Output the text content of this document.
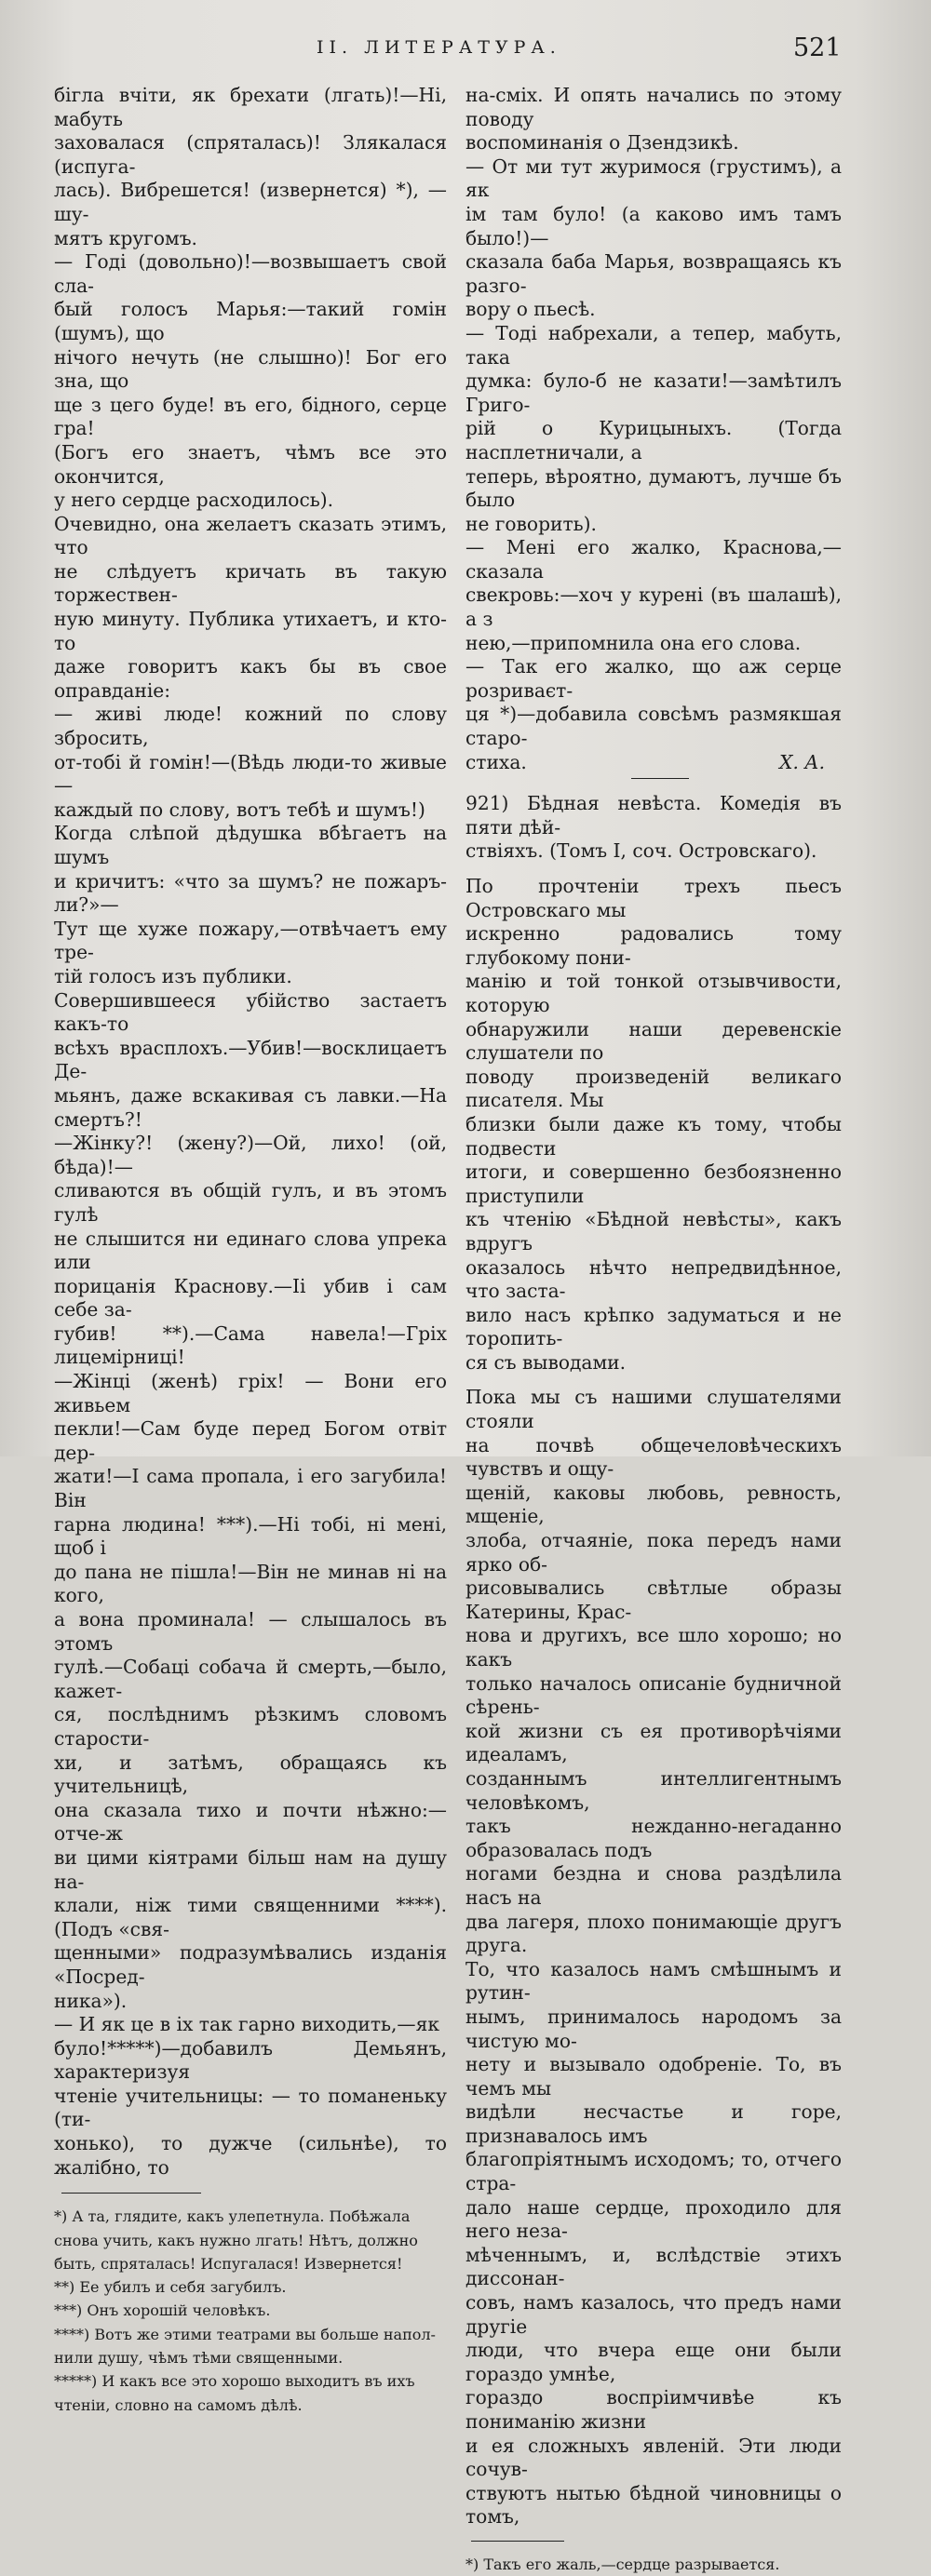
II. ЛИТЕРАТУРА.	521

бігла вчіти, як брехати (лгать)!—Ні, мабуть
заховалася (спряталась)! Злякалася (испуга-
лась). Вибрешется! (извернется) *), — шу-
мятъ кругомъ.

— Годі (довольно)!—возвышаетъ свой сла-
бый голосъ Марья:—такий гомін (шумъ), що
нічого нечуть (не слышно)! Бог его зна, що
ще з цего буде! въ его, бідного, серце гра!
(Богъ его знаетъ, чѣмъ все это окончится,
у него сердце расходилось).

Очевидно, она желаетъ сказать этимъ, что
не слѣдуетъ кричать въ такую торжествен-
ную минуту. Публика утихаетъ, и кто-то
даже говоритъ какъ бы въ свое оправданіе:
— живі люде! кожний по слову збросить,
от-тобі й гомін!—(Вѣдь люди-то живые—
каждый по слову, вотъ тебѣ и шумъ!)

Когда слѣпой дѣдушка вбѣгаетъ на шумъ
и кричитъ: «что за шумъ? не пожаръ-ли?»—
Тут ще хуже пожару,—отвѣчаетъ ему тре-
тій голосъ изъ публики.

Совершившееся убійство застаетъ какъ-то
всѣхъ врасплохъ.—Убив!—восклицаетъ Де-
мьянъ, даже вскакивая съ лавки.—На смертъ?!
—Жінку?! (жену?)—Ой, лихо! (ой, бѣда)!—
сливаются въ общій гулъ, и въ этомъ гулѣ
не слышится ни единаго слова упрека или
порицанія Краснову.—Іі убив і сам себе за-
губив! **).—Сама навела!—Гріх лицемірниці!
—Жінці (женѣ) гріх! — Вони его живьем
пекли!—Сам буде перед Богом отвіт дер-
жати!—І сама пропала, і его загубила! Він
гарна людина! ***).—Ні тобі, ні мені, щоб і
до пана не пішла!—Він не минав ні на кого,
а вона проминала! — слышалось въ этомъ
гулѣ.—Собаці собача й смерть,—было, кажет-
ся, послѣднимъ рѣзкимъ словомъ старости-
хи, и затѣмъ, обращаясь къ учительницѣ,
она сказала тихо и почти нѣжно:—отче-ж
ви цими кіятрами більш нам на душу на-
клали, ніж тими священними ****). (Подъ «свя-
щенными» подразумѣвались изданія «Посред-
ника»).

— И як це в іх так гарно виходить,—як
було!*****)—добавилъ Демьянъ, характеризуя
чтеніе учительницы: — то поманеньку (ти-
хонько), то дужче (сильнѣе), то жалібно, то

*) А та, глядите, какъ улепетнула. Побѣжала
снова учить, какъ нужно лгать! Нѣтъ, должно
быть, спряталась! Испугалася! Извернется!

**) Ее убилъ и себя загубилъ.

***) Онъ хорошій человѣкъ.

****) Вотъ же этими театрами вы больше напол-
нили душу, чѣмъ тѣми священными.

*****) И какъ все это хорошо выходитъ въ ихъ
чтеніи, словно на самомъ дѣлѣ.

на-сміх. И опять начались по этому поводу
воспоминанія о Дзендзикѣ.

— От ми тут журимося (грустимъ), а як
ім там було! (а каково имъ тамъ было!)—
сказала баба Марья, возвращаясь къ разго-
вору о пьесѣ.

— Тоді набрехали, а тепер, мабуть, така
думка: було-б не казати!—замѣтилъ Григо-
рій о Курицыныхъ. (Тогда насплетничали, а
теперь, вѣроятно, думаютъ, лучше бъ было
не говорить).

— Мені его жалко, Краснова,—сказала
свекровь:—хоч у курені (въ шалашѣ), а з
нею,—припомнила она его слова.

— Так его жалко, що аж серце розриваєт-
ця *)—добавила совсѣмъ размякшая старо-
стиха.	Х. А.

921) Бѣдная невѣста. Комедія въ пяти дѣй-
ствіяхъ. (Томъ I, соч. Островскаго).

По прочтеніи трехъ пьесъ Островскаго мы
искренно радовались тому глубокому пони-
манію и той тонкой отзывчивости, которую
обнаружили наши деревенскіе слушатели по
поводу произведеній великаго писателя. Мы
близки были даже къ тому, чтобы подвести
итоги, и совершенно безбоязненно приступили
къ чтенію «Бѣдной невѣсты», какъ вдругъ
оказалось нѣчто непредвидѣнное, что заста-
вило насъ крѣпко задуматься и не торопить-
ся съ выводами.

Пока мы съ нашими слушателями стояли
на почвѣ общечеловѣческихъ чувствъ и ощу-
щеній, каковы любовь, ревность, мщеніе,
злоба, отчаяніе, пока передъ нами ярко об-
рисовывались свѣтлые образы Катерины, Крас-
нова и другихъ, все шло хорошо; но какъ
только началось описаніе будничной сѣрень-
кой жизни съ ея противорѣчіями идеаламъ,
созданнымъ интеллигентнымъ человѣкомъ,
такъ нежданно-негаданно образовалась подъ
ногами бездна и снова раздѣлила насъ на
два лагеря, плохо понимающіе другъ друга.
То, что казалось намъ смѣшнымъ и рутин-
нымъ, принималось народомъ за чистую мо-
нету и вызывало одобреніе. То, въ чемъ мы
видѣли несчастье и горе, признавалось имъ
благопріятнымъ исходомъ; то, отчего стра-
дало наше сердце, проходило для него неза-
мѣченнымъ, и, вслѣдствіе этихъ диссонан-
совъ, намъ казалось, что предъ нами другіе
люди, что вчера еще они были гораздо умнѣе,
гораздо воспріимчивѣе къ пониманію жизни
и ея сложныхъ явленій. Эти люди сочув-
ствуютъ нытью бѣдной чиновницы о томъ,

*) Такъ его жаль,—сердце разрывается.
